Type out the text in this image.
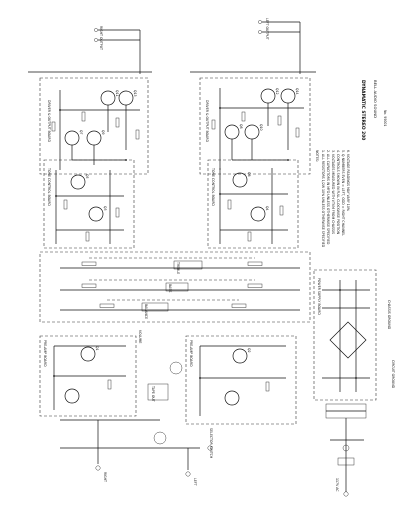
DYNAMATIC STEREO 200 BELL AUDIO SOUND
No. 99001
RIGHT OUTPUT	LEFT OUTPUT
DRIVER & OUTPUT BOARD	DRIVER & OUTPUT BOARD
TONE CONTROL BOARD	TONE CONTROL BOARD
TREBLE
BASS
BALANCE
VOLUME
POWER SUPPLY BOARD
PRE-AMP BOARD	PRE-AMP BOARD
TAPE OUT
SELECTOR SWITCH
RIGHT	LEFT	117V AC
Q13
Q11
Q9
Q7
Q5
Q3
Q1
Q14
Q12
Q10
Q8
Q6
Q4
Q2
NOTES: 1. ALL RESISTORS 1/2W 10% UNLESS OTHERWISE SPECIFIED 2. ALL CAPACITORS IN MFD UNLESS OTHERWISE SPECIFIED 3. VOLTAGES MEASURED WITH VTVM FROM CHASSIS 4. CONTROLS SHOWN IN FULL CLOCKWISE POSITION 5. Q NUMBERS EVEN = LEFT, ODD = RIGHT CHANNEL 6. VOLTAGE READINGS MAY VARY 10%
CHASSIS GROUND
CIRCUIT GROUND
